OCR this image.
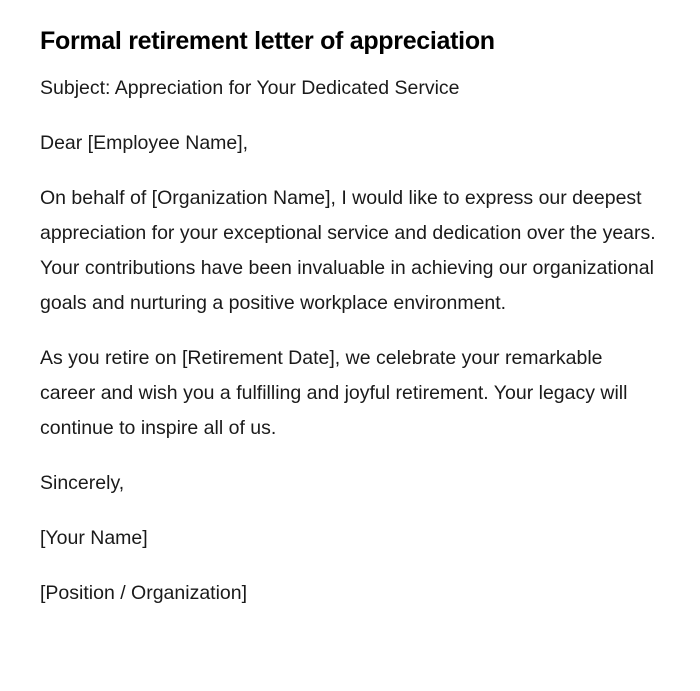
Formal retirement letter of appreciation

Subject: Appreciation for Your Dedicated Service

Dear [Employee Name],

On behalf of [Organization Name], I would like to express our deepest appreciation for your exceptional service and dedication over the years. Your contributions have been invaluable in achieving our organizational goals and nurturing a positive workplace environment.

As you retire on [Retirement Date], we celebrate your remarkable career and wish you a fulfilling and joyful retirement. Your legacy will continue to inspire all of us.

Sincerely,

[Your Name]

[Position / Organization]
